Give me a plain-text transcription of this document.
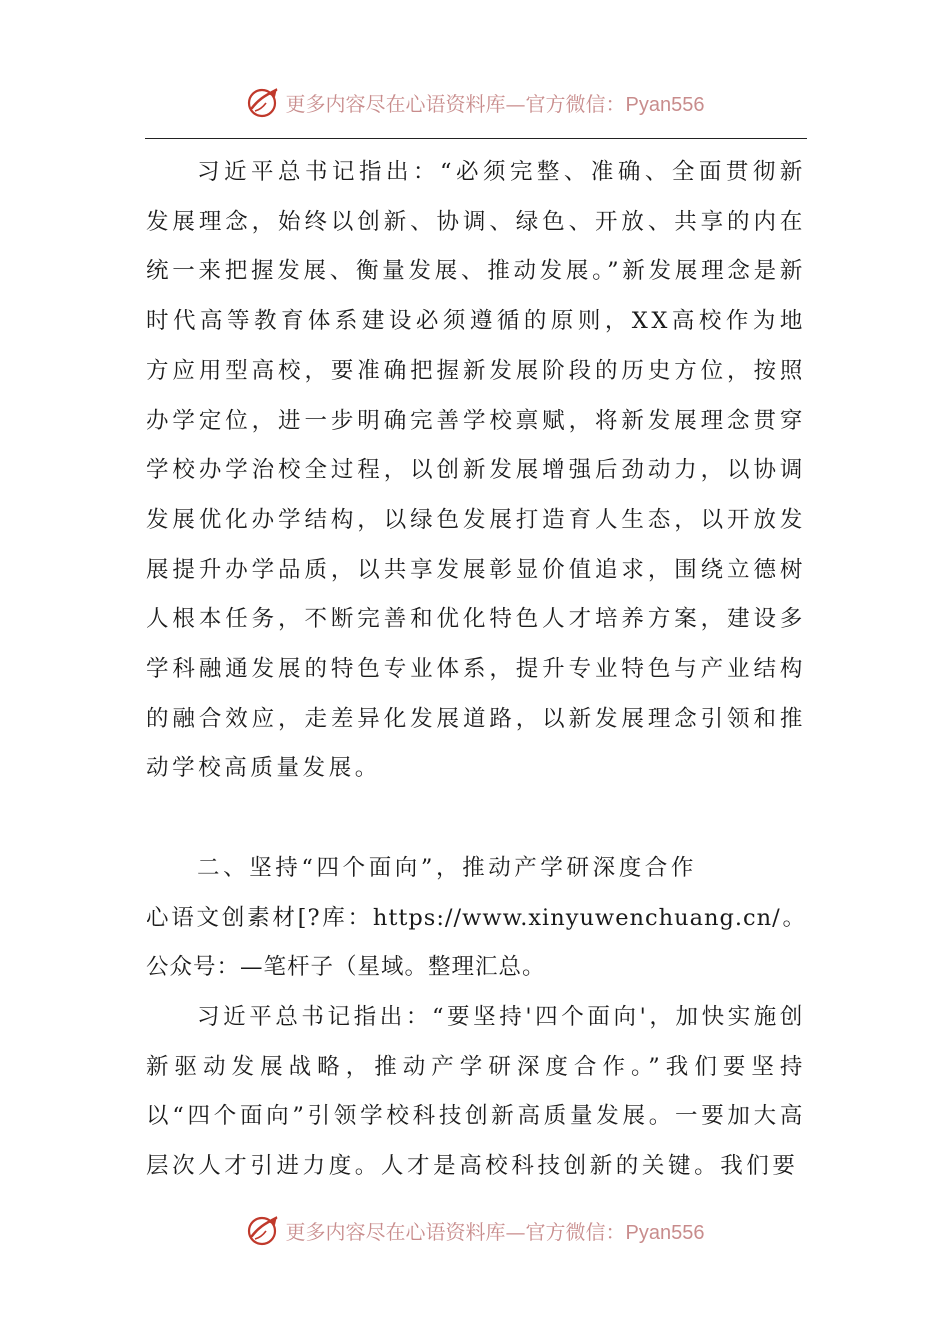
更多内容尽在心语资料库—官方微信：Pyan556

习近平总书记指出：“必须完整、准确、全面贯彻新发展理念，始终以创新、协调、绿色、开放、共享的内在统一来把握发展、衡量发展、推动发展。”新发展理念是新时代高等教育体系建设必须遵循的原则，XX高校作为地方应用型高校，要准确把握新发展阶段的历史方位，按照办学定位，进一步明确完善学校禀赋，将新发展理念贯穿学校办学治校全过程，以创新发展增强后劲动力，以协调发展优化办学结构，以绿色发展打造育人生态，以开放发展提升办学品质，以共享发展彰显价值追求，围绕立德树人根本任务，不断完善和优化特色人才培养方案，建设多学科融通发展的特色专业体系，提升专业特色与产业结构的融合效应，走差异化发展道路，以新发展理念引领和推动学校高质量发展。

二、坚持“四个面向”，推动产学研深度合作

心语文创素材[?库：https://www.xinyuwenchuang.cn/。公众号：—笔杆子（星域。整理汇总。

习近平总书记指出：“要坚持'四个面向'，加快实施创新驱动发展战略，推动产学研深度合作。”我们要坚持以“四个面向”引领学校科技创新高质量发展。一要加大高层次人才引进力度。人才是高校科技创新的关键。我们要

更多内容尽在心语资料库—官方微信：Pyan556
